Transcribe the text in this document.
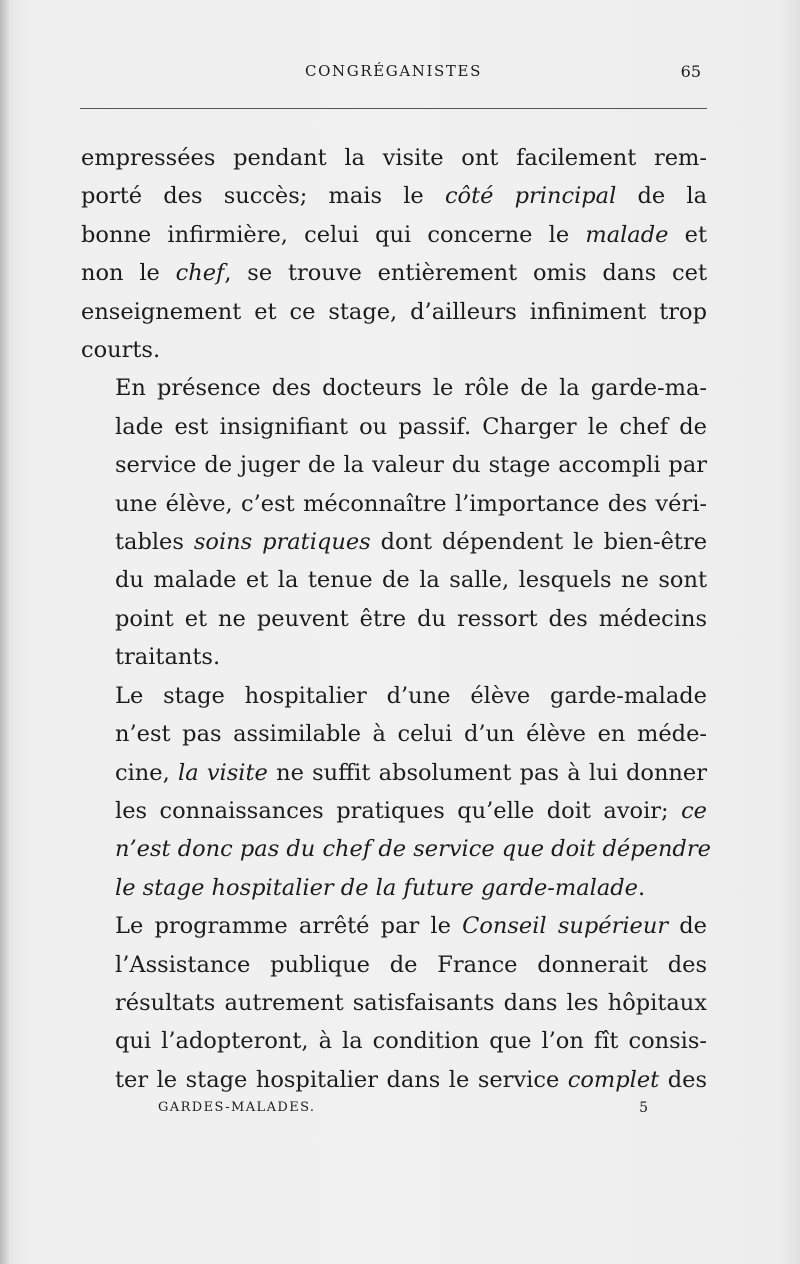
CONGRÉGANISTES	65

empressées pendant la visite ont facilement rem-
porté des succès; mais le côté principal de la
bonne infirmière, celui qui concerne le malade et
non le chef, se trouve entièrement omis dans cet
enseignement et ce stage, d’ailleurs infiniment trop
courts.

En présence des docteurs le rôle de la garde-ma-
lade est insignifiant ou passif. Charger le chef de
service de juger de la valeur du stage accompli par
une élève, c’est méconnaître l’importance des véri-
tables soins pratiques dont dépendent le bien-être
du malade et la tenue de la salle, lesquels ne sont
point et ne peuvent être du ressort des médecins
traitants.

Le stage hospitalier d’une élève garde-malade
n’est pas assimilable à celui d’un élève en méde-
cine, la visite ne suffit absolument pas à lui donner
les connaissances pratiques qu’elle doit avoir; ce
n’est donc pas du chef de service que doit dépendre
le stage hospitalier de la future garde-malade.

Le programme arrêté par le Conseil supérieur de
l’Assistance publique de France donnerait des
résultats autrement satisfaisants dans les hôpitaux
qui l’adopteront, à la condition que l’on fît consis-
ter le stage hospitalier dans le service complet des

GARDES-MALADES.	5
